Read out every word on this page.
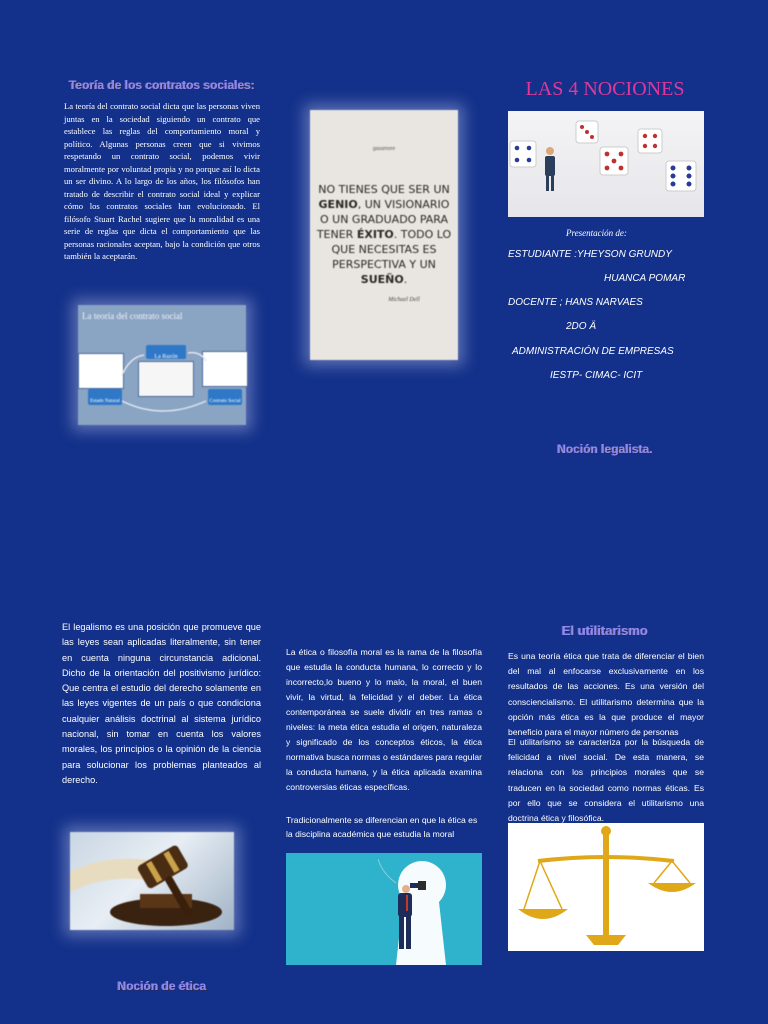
Teoría de los contratos sociales:
La teoría del contrato social dicta que las personas viven juntas en la sociedad siguiendo un contrato que establece las reglas del comportamiento moral y político. Algunas personas creen que si vivimos respetando un contrato social, podemos vivir moralmente por voluntad propia y no porque así lo dicta un ser divino. A lo largo de los años, los filósofos han tratado de describir el contrato social ideal y explicar cómo los contratos sociales han evolucionado. El filósofo Stuart Rachel sugiere que la moralidad es una serie de reglas que dicta el comportamiento que las personas racionales aceptan, bajo la condición que otros también la aceptarán.
La teoría del contrato social
La Razón
Estado Natural	Contrato Social
gasamore
NO TIENES QUE SER UN
GENIO, UN VISIONARIO
O UN GRADUADO PARA
TENER ÉXITO. TODO LO
QUE NECESITAS ES
PERSPECTIVA Y UN
SUEÑO.
Michael Dell
LAS 4 NOCIONES
Presentación de:
ESTUDIANTE :YHEYSON GRUNDY
HUANCA POMAR
DOCENTE ; HANS NARVAES
2DO Ä
ADMINISTRACIÓN DE EMPRESAS
IESTP- CIMAC- ICIT
Noción legalista.
El legalismo es una posición que promueve que las leyes sean aplicadas literalmente, sin tener en cuenta ninguna circunstancia adicional. Dicho de la orientación del positivismo jurídico: Que centra el estudio del derecho solamente en las leyes vigentes de un país o que condiciona cualquier análisis doctrinal al sistema jurídico nacional, sin tomar en cuenta los valores morales, los principios o la opinión de la ciencia para solucionar los problemas planteados al derecho.
Noción de ética
La ética o filosofía moral es la rama de la filosofía que estudia la conducta humana, lo correcto y lo incorrecto,lo bueno y lo malo, la moral, el buen vivir, la virtud, la felicidad y el deber. La ética contemporánea se suele dividir en tres ramas o niveles: la meta ética estudia el origen, naturaleza y significado de los conceptos éticos, la ética normativa busca normas o estándares para regular la conducta humana, y la ética aplicada examina controversias éticas específicas.
Tradicionalmente se diferencian en que la ética es la disciplina académica que estudia la moral
El utilitarismo
Es una teoría ética que trata de diferenciar el bien del mal al enfocarse exclusivamente en los resultados de las acciones. Es una versión del consciencialismo. El utilitarismo determina que la opción más ética es la que produce el mayor beneficio para el mayor número de personas
El utilitarismo se caracteriza por la búsqueda de felicidad a nivel social. De esta manera, se relaciona con los principios morales que se traducen en la sociedad como normas éticas. Es por ello que se considera el utilitarismo una doctrina ética y filosófica.
